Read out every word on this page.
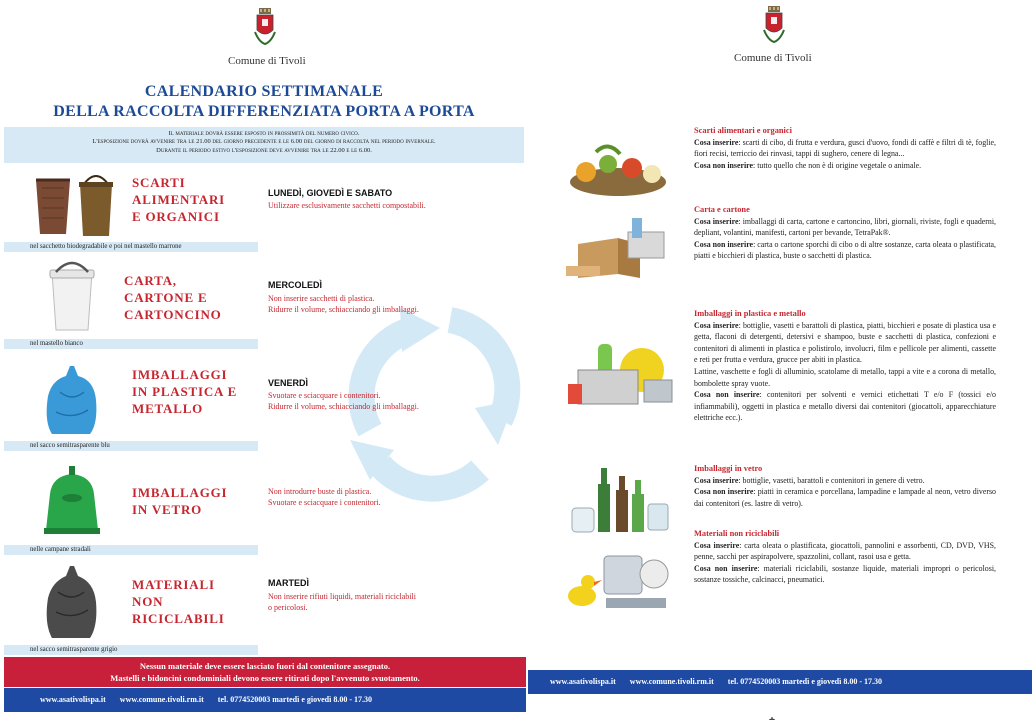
Comune di Tivoli
CALENDARIO SETTIMANALE
DELLA RACCOLTA DIFFERENZIATA PORTA A PORTA
Il materiale dovrà essere esposto in prossimità del numero civico.
L'esposizione dovrà avvenire tra le 21.00 del giorno precedente e le 6.00 del giorno di raccolta nel periodo invernale.
Durante il periodo estivo l'esposizione deve avvenire tra le 22.00 e le 6.00.
SCARTI
ALIMENTARI
E ORGANICI
LUNEDÌ, GIOVEDÌ E SABATO
Utilizzare esclusivamente sacchetti compostabili.
nel sacchetto biodegradabile e poi nel mastello marrone
CARTA,
CARTONE E
CARTONCINO
MERCOLEDÌ
Non inserire sacchetti di plastica.
Ridurre il volume, schiacciando gli imballaggi.
nel mastello bianco
IMBALLAGGI
IN PLASTICA E
METALLO
VENERDÌ
Svuotare e sciacquare i contenitori.
Ridurre il volume, schiacciando gli imballaggi.
nel sacco semitrasparente blu
IMBALLAGGI
IN VETRO
Non introdurre buste di plastica.
Svuotare e sciacquare i contenitori.
nelle campane stradali
MATERIALI
NON
RICICLABILI
MARTEDÌ
Non inserire rifiuti liquidi, materiali riciclabili
o pericolosi.
nel sacco semitrasparente grigio
Nessun materiale deve essere lasciato fuori dal contenitore assegnato.
Mastelli e bidoncini condominiali devono essere ritirati dopo l'avvenuto svuotamento.
www.asativolispa.it www.comune.tivoli.rm.it tel. 0774520003 martedì e giovedì 8.00 - 17.30
Comune di Tivoli
Scarti alimentari e organici

Cosa inserire: scarti di cibo, di frutta e verdura, gusci d'uovo, fondi di caffè e filtri di tè, foglie, fiori recisi, terriccio dei rinvasi, tappi di sughero, cenere di legna...

Cosa non inserire: tutto quello che non è di origine vegetale o animale.

Carta e cartone

Cosa inserire: imballaggi di carta, cartone e cartoncino, libri, giornali, riviste, fogli e quaderni, depliant, volantini, manifesti, cartoni per bevande, TetraPak®.

Cosa non inserire: carta o cartone sporchi di cibo o di altre sostanze, carta oleata o plastificata, piatti e bicchieri di plastica, buste o sacchetti di plastica.

Imballaggi in plastica e metallo

Cosa inserire: bottiglie, vasetti e barattoli di plastica, piatti, bicchieri e posate di plastica usa e getta, flaconi di detergenti, detersivi e shampoo, buste e sacchetti di plastica, confezioni e contenitori di alimenti in plastica e polistirolo, involucri, film e pellicole per alimenti, cassette e reti per frutta e verdura, grucce per abiti in plastica.

Lattine, vaschette e fogli di alluminio, scatolame di metallo, tappi a vite e a corona di metallo, bombolette spray vuote.

Cosa non inserire: contenitori per solventi e vernici etichettati T e/o F (tossici e/o infiammabili), oggetti in plastica e metallo diversi dai contenitori (giocattoli, apparecchiature elettriche ecc.).

Imballaggi in vetro

Cosa inserire: bottiglie, vasetti, barattoli e contenitori in genere di vetro.

Cosa non inserire: piatti in ceramica e porcellana, lampadine e lampade al neon, vetro diverso dai contenitori (es. lastre di vetro).

Materiali non riciclabili

Cosa inserire: carta oleata o plastificata, giocattoli, pannolini e assorbenti, CD, DVD, VHS, penne, sacchi per aspirapolvere, spazzolini, collant, rasoi usa e getta.

Cosa non inserire: materiali riciclabili, sostanze liquide, materiali impropri o pericolosi, sostanze tossiche, calcinacci, pneumatici.

www.asativolispa.it www.comune.tivoli.rm.it tel. 0774520003 martedì e giovedì 8.00 - 17.30
